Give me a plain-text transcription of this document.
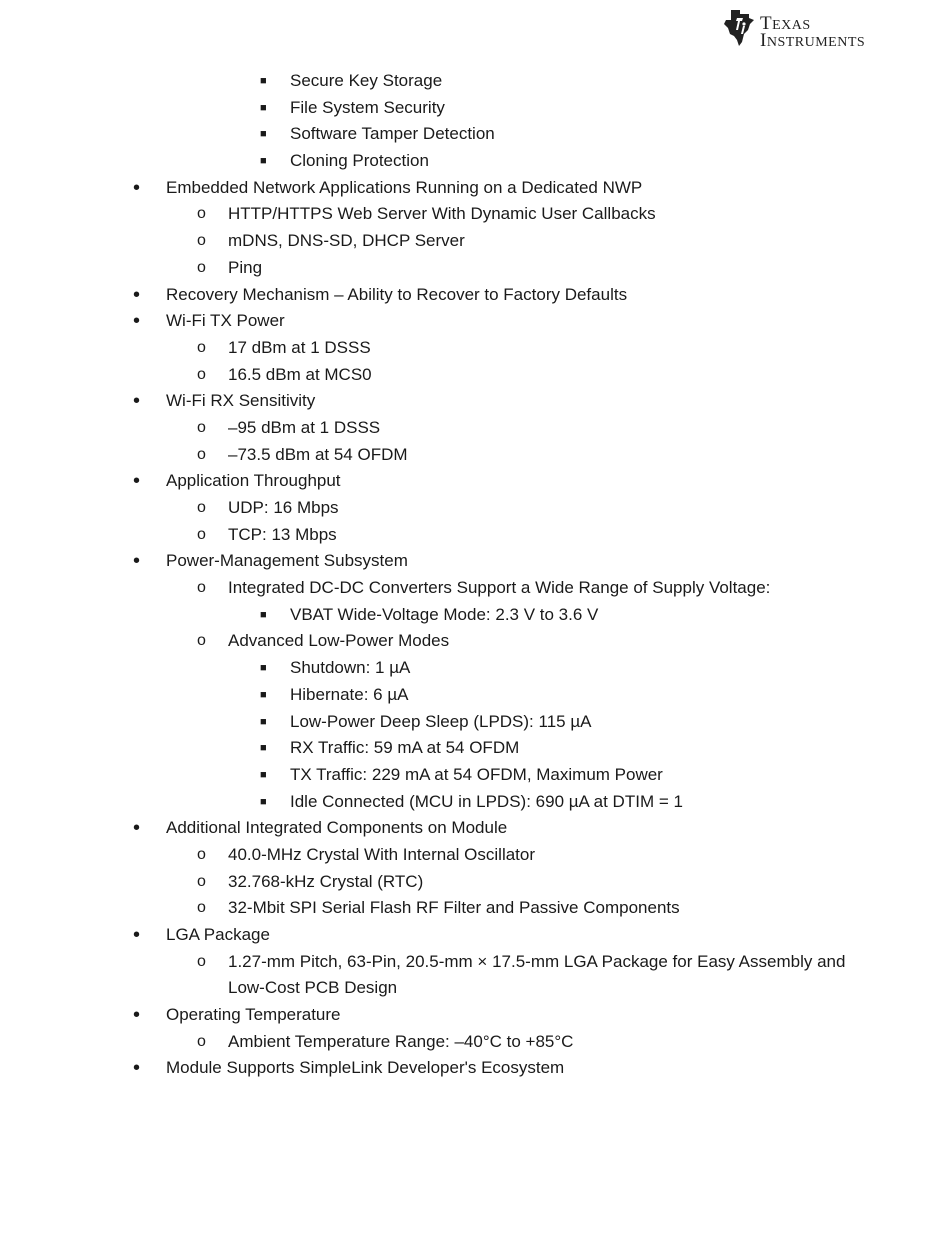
TEXAS
INSTRUMENTS
■ Secure Key Storage
■ File System Security
■ Software Tamper Detection
■ Cloning Protection
• Embedded Network Applications Running on a Dedicated NWP
o HTTP/HTTPS Web Server With Dynamic User Callbacks
o mDNS, DNS-SD, DHCP Server
o Ping
• Recovery Mechanism – Ability to Recover to Factory Defaults
• Wi-Fi TX Power
o 17 dBm at 1 DSSS
o 16.5 dBm at MCS0
• Wi-Fi RX Sensitivity
o –95 dBm at 1 DSSS
o –73.5 dBm at 54 OFDM
• Application Throughput
o UDP: 16 Mbps
o TCP: 13 Mbps
• Power-Management Subsystem
o Integrated DC-DC Converters Support a Wide Range of Supply Voltage:
■ VBAT Wide-Voltage Mode: 2.3 V to 3.6 V
o Advanced Low-Power Modes
■ Shutdown: 1 µA
■ Hibernate: 6 µA
■ Low-Power Deep Sleep (LPDS): 115 µA
■ RX Traffic: 59 mA at 54 OFDM
■ TX Traffic: 229 mA at 54 OFDM, Maximum Power
■ Idle Connected (MCU in LPDS): 690 µA at DTIM = 1
• Additional Integrated Components on Module
o 40.0-MHz Crystal With Internal Oscillator
o 32.768-kHz Crystal (RTC)
o 32-Mbit SPI Serial Flash RF Filter and Passive Components
• LGA Package
o 1.27-mm Pitch, 63-Pin, 20.5-mm × 17.5-mm LGA Package for Easy Assembly and
Low-Cost PCB Design
• Operating Temperature
o Ambient Temperature Range: –40°C to +85°C
• Module Supports SimpleLink Developer's Ecosystem
